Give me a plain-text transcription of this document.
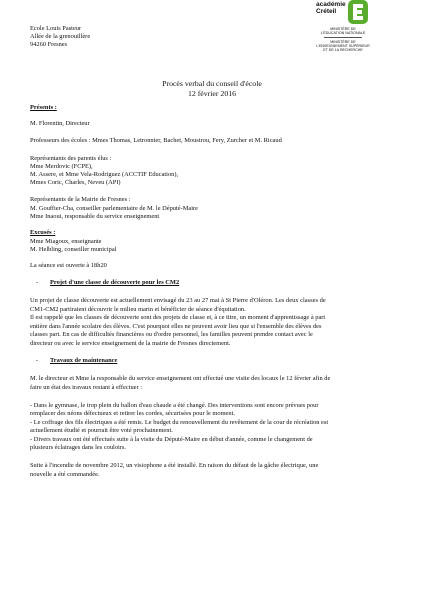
Ecole Louis Pasteur
Allée de la grenouillère
94260 Fresnes
académie
Créteil
MINISTÈRE DE
L'ÉDUCATION NATIONALE
MINISTÈRE DE
L'ENSEIGNEMENT SUPÉRIEUR
ET DE LA RECHERCHE
Procès verbal du conseil d'école
12 février 2016
Présents :
M. Florentin, Directeur
Professeurs des écoles : Mmes Thomas, Letronnier, Bachet, Moustrou, Fery, Zurcher et M. Ricaud
Représentants des parents élus :
Mme Merdovic (FCPE),
M. Assere, et Mme Vela-Rodriguez (ACCTIF Education),
Mmes Coric, Charles, Neveu (API)
Représentants de la Mairie de Fresnes :
M. Gouffier-Cha, conseiller parlementaire de M. le Député-Maire
Mme Inaoui, responsable du service enseignement
Excusés :
Mme Miagoux, enseignante
M. Helbling, conseiller municipal
La séance est ouverte à 18h20
- Projet d'une classe de découverte pour les CM2
Un projet de classe découverte est actuellement envisagé du 23 au 27 mai à St Pierre d'Oléron. Les deux classes de
CM1-CM2 partiraient découvrir le milieu marin et bénéficier de séance d'équitation.
Il est rappelé que les classes de découverte sont des projets de classe et, à ce titre, un moment d'apprentissage à part
entière dans l'année scolaire des élèves. C'est pourquoi elles ne peuvent avoir lieu que si l'ensemble des élèves des
classes part. En cas de difficultés financières ou d'ordre personnel, les familles peuvent prendre contact avec le
directeur ou avec le service enseignement de la mairie de Fresnes directement.
- Travaux de maintenance
M. le directeur et Mme la responsable du service enseignement ont effectué une visite des locaux le 12 février afin de
faire un état des travaux restant à effectuer :
- Dans le gymnase, le trop plein du ballon d'eau chaude a été changé. Des interventions sont encore prévues pour
remplacer des néons défectueux et retirer les cordes, sécurisées pour le moment.
- Le coffrage des fils électriques a été remis. Le budget du renouvellement du revêtement de la cour de récréation est
actuellement étudié et pourrait être voté prochainement.
- Divers travaux ont été effectués suite à la visite du Député-Maire en début d'année, comme le changement de
plusieurs éclairages dans les couloirs.
Suite à l'incendie de novembre 2012, un visiophone a été installé. En raison du défaut de la gâche électrique, une
nouvelle a été commandée.
